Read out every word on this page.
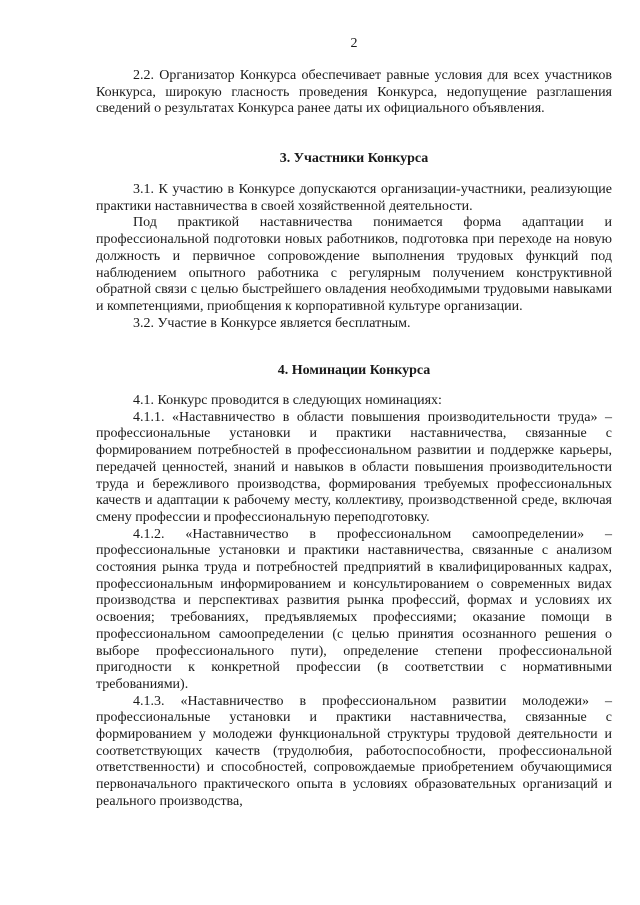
2

2.2. Организатор Конкурса обеспечивает равные условия для всех участников Конкурса, широкую гласность проведения Конкурса, недопущение разглашения сведений о результатах Конкурса ранее даты их официального объявления.

3. Участники Конкурса

3.1. К участию в Конкурсе допускаются организации-участники, реализующие практики наставничества в своей хозяйственной деятельности.

Под практикой наставничества понимается форма адаптации и профессиональной подготовки новых работников, подготовка при переходе на новую должность и первичное сопровождение выполнения трудовых функций под наблюдением опытного работника с регулярным получением конструктивной обратной связи с целью быстрейшего овладения необходимыми трудовыми навыками и компетенциями, приобщения к корпоративной культуре организации.

3.2. Участие в Конкурсе является бесплатным.

4. Номинации Конкурса

4.1. Конкурс проводится в следующих номинациях:

4.1.1. «Наставничество в области повышения производительности труда» – профессиональные установки и практики наставничества, связанные с формированием потребностей в профессиональном развитии и поддержке карьеры, передачей ценностей, знаний и навыков в области повышения производительности труда и бережливого производства, формирования требуемых профессиональных качеств и адаптации к рабочему месту, коллективу, производственной среде, включая смену профессии и профессиональную переподготовку.

4.1.2. «Наставничество в профессиональном самоопределении» – профессиональные установки и практики наставничества, связанные с анализом состояния рынка труда и потребностей предприятий в квалифицированных кадрах, профессиональным информированием и консультированием о современных видах производства и перспективах развития рынка профессий, формах и условиях их освоения; требованиях, предъявляемых профессиями; оказание помощи в профессиональном самоопределении (с целью принятия осознанного решения о выборе профессионального пути), определение степени профессиональной пригодности к конкретной профессии (в соответствии с нормативными требованиями).

4.1.3. «Наставничество в профессиональном развитии молодежи» – профессиональные установки и практики наставничества, связанные с формированием у молодежи функциональной структуры трудовой деятельности и соответствующих качеств (трудолюбия, работоспособности, профессиональной ответственности) и способностей, сопровождаемые приобретением обучающимися первоначального практического опыта в условиях образовательных организаций и реального производства,
